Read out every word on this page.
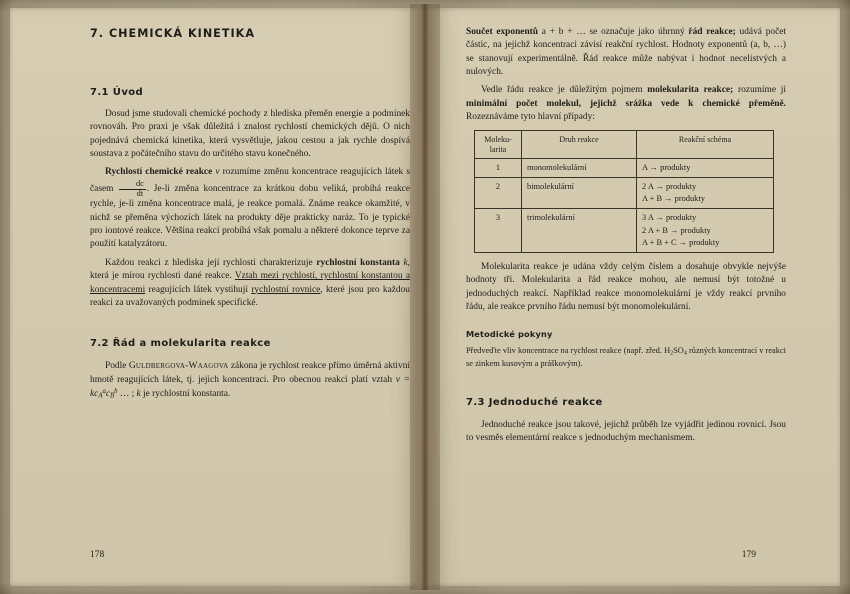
7. CHEMICKÁ KINETIKA
7.1 Úvod

Dosud jsme studovali chemické pochody z hlediska přeměn energie a podmínek rovnováh. Pro praxi je však důležitá i znalost rychlostí chemických dějů. O nich pojednává chemická kinetika, která vysvětluje, jakou cestou a jak rychle dospívá soustava z počátečního stavu do určitého stavu konečného.

Rychlostí chemické reakce v rozumíme změnu koncentrace reagujících látek s časem $\frac{dc}{dt}$ . Je-li změna koncentrace za krátkou dobu veliká, probíhá reakce rychle, je-li změna koncentrace malá, je reakce pomalá. Známe reakce okamžité, v nichž se přeměna výchozích látek na produkty děje prakticky naráz. To je typické pro iontové reakce. Většina reakcí probíhá však pomalu a některé dokonce teprve za použití katalyzátoru.

Každou reakci z hlediska její rychlosti charakterizuje rychlostní konstanta k, která je mírou rychlosti dané reakce. Vztah mezi rychlostí, rychlostní konstantou a koncentracemi reagujících látek vystihují rychlostní rovnice, které jsou pro každou reakci za uvažovaných podmínek specifické.

7.2 Řád a molekularita reakce

Podle Guldbergova-Waagova zákona je rychlost reakce přímo úměrná aktivní hmotě reagujících látek, tj. jejich koncentraci. Pro obecnou reakci platí vztah $v = kc_A^ac_B^b$ … ; k je rychlostní konstanta.

178

Součet exponentů a + b + … se označuje jako úhrnný řád reakce; udává počet částic, na jejichž koncentraci závisí reakční rychlost. Hodnoty exponentů (a, b, …) se stanovují experimentálně. Řád reakce může nabývat i hodnot necelistvých a nulových.

Vedle řádu reakce je důležitým pojmem molekularita reakce; rozumíme jí minimální počet molekul, jejichž srážka vede k chemické přeměně. Rozeznáváme tyto hlavní případy:

Moleku-
larita	Druh reakce	Reakční schéma
1	monomolekulární	A → produkty

2	bimolekulární	2 A → produkty
A + B → produkty

3	trimolekulární	3 A → produkty
2 A + B → produkty
A + B + C → produkty

Molekularita reakce je udána vždy celým číslem a dosahuje obvykle nejvýše hodnoty tři. Molekularita a řád reakce mohou, ale nemusí být totožné u jednoduchých reakcí. Například reakce monomolekulární je vždy reakcí prvního řádu, ale reakce prvního řádu nemusí být monomolekulární.

Metodické pokyny

Předveďte vliv koncentrace na rychlost reakce (např. zřed. $H_2SO_4$ různých koncentrací v reakci se zinkem kusovým a práškovým).

7.3 Jednoduché reakce

Jednoduché reakce jsou takové, jejichž průběh lze vyjádřit jedinou rovnicí. Jsou to vesměs elementární reakce s jednoduchým mechanismem.

179
